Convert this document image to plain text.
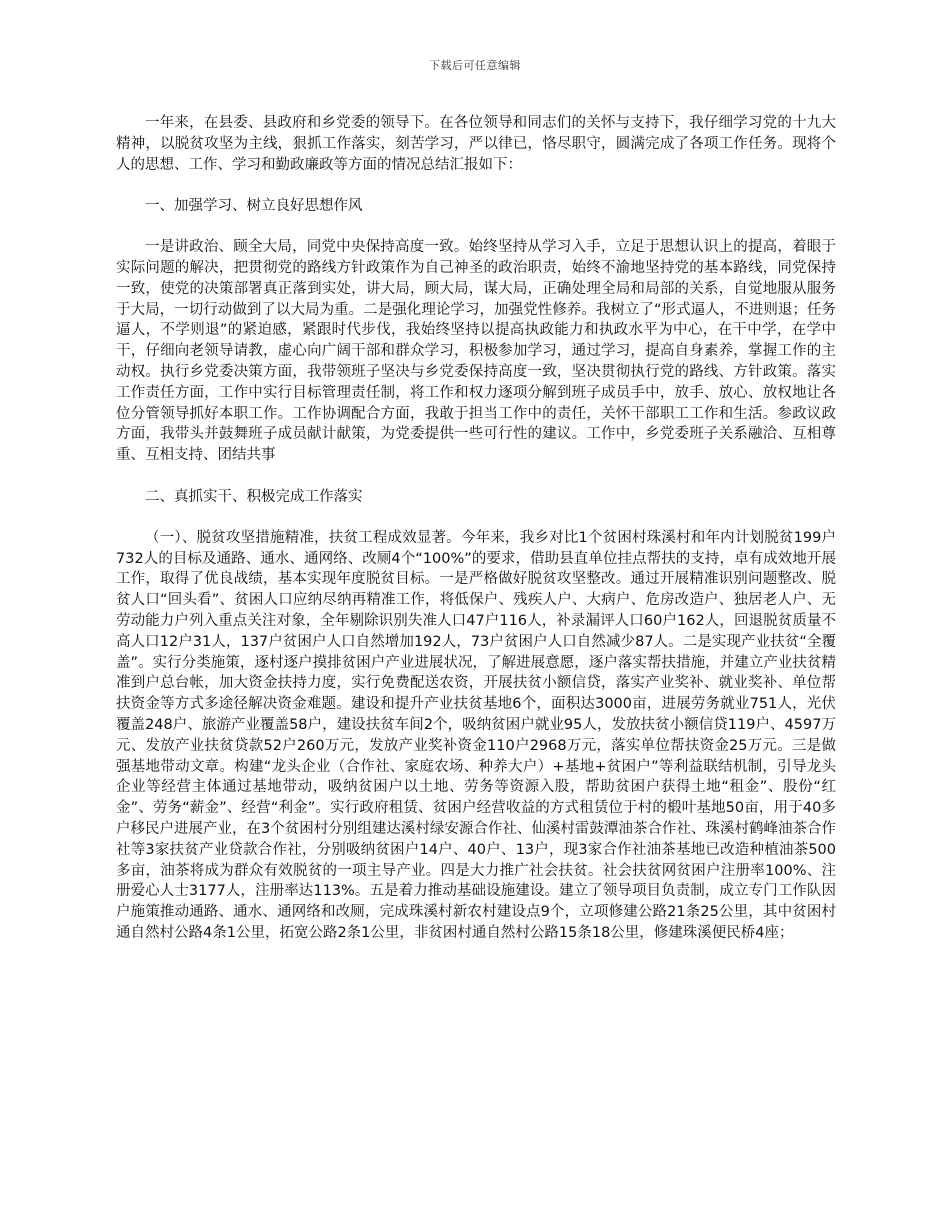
下载后可任意编辑

一年来，在县委、县政府和乡党委的领导下。在各位领导和同志们的关怀与支持下，我仔细学习党的十九大精神，以脱贫攻坚为主线，狠抓工作落实，刻苦学习，严以律已，恪尽职守，圆满完成了各项工作任务。现将个人的思想、工作、学习和勤政廉政等方面的情况总结汇报如下：

一、加强学习、树立良好思想作风

一是讲政治、顾全大局，同党中央保持高度一致。始终坚持从学习入手，立足于思想认识上的提高，着眼于实际问题的解决，把贯彻党的路线方针政策作为自己神圣的政治职责，始终不渝地坚持党的基本路线，同党保持一致，使党的决策部署真正落到实处，讲大局，顾大局，谋大局，正确处理全局和局部的关系，自觉地服从服务于大局，一切行动做到了以大局为重。二是强化理论学习，加强党性修养。我树立了“形式逼人，不进则退；任务逼人，不学则退”的紧迫感，紧跟时代步伐，我始终坚持以提高执政能力和执政水平为中心，在干中学，在学中干，仔细向老领导请教，虚心向广阔干部和群众学习，积极参加学习，通过学习，提高自身素养，掌握工作的主动权。执行乡党委决策方面，我带领班子坚决与乡党委保持高度一致，坚决贯彻执行党的路线、方针政策。落实工作责任方面，工作中实行目标管理责任制，将工作和权力逐项分解到班子成员手中，放手、放心、放权地让各位分管领导抓好本职工作。工作协调配合方面，我敢于担当工作中的责任，关怀干部职工工作和生活。参政议政方面，我带头并鼓舞班子成员献计献策，为党委提供一些可行性的建议。工作中，乡党委班子关系融洽、互相尊重、互相支持、团结共事

二、真抓实干、积极完成工作落实

（一）、脱贫攻坚措施精准，扶贫工程成效显著。今年来，我乡对比1个贫困村珠溪村和年内计划脱贫199户732人的目标及通路、通水、通网络、改厕4个“100%”的要求，借助县直单位挂点帮扶的支持，卓有成效地开展工作，取得了优良战绩，基本实现年度脱贫目标。一是严格做好脱贫攻坚整改。通过开展精准识别问题整改、脱贫人口“回头看”、贫困人口应纳尽纳再精准工作，将低保户、残疾人户、大病户、危房改造户、独居老人户、无劳动能力户列入重点关注对象，全年剔除识别失准人口47户116人，补录漏评人口60户162人，回退脱贫质量不高人口12户31人，137户贫困户人口自然增加192人，73户贫困户人口自然减少87人。二是实现产业扶贫“全覆盖”。实行分类施策，逐村逐户摸排贫困户产业进展状况，了解进展意愿，逐户落实帮扶措施，并建立产业扶贫精准到户总台帐，加大资金扶持力度，实行免费配送农资，开展扶贫小额信贷，落实产业奖补、就业奖补、单位帮扶资金等方式多途径解决资金难题。建设和提升产业扶贫基地6个，面积达3000亩，进展劳务就业751人，光伏覆盖248户、旅游产业覆盖58户，建设扶贫车间2个，吸纳贫困户就业95人，发放扶贫小额信贷119户、4597万元、发放产业扶贫贷款52户260万元，发放产业奖补资金110户2968万元，落实单位帮扶资金25万元。三是做强基地带动文章。构建“龙头企业（合作社、家庭农场、种养大户）+基地+贫困户”等利益联结机制，引导龙头企业等经营主体通过基地带动，吸纳贫困户以土地、劳务等资源入股，帮助贫困户获得土地“租金”、股份“红金”、劳务“薪金”、经营“利金”。实行政府租赁、贫困户经营收益的方式租赁位于村的椴叶基地50亩，用于40多户移民户进展产业，在3个贫困村分别组建达溪村绿安源合作社、仙溪村雷鼓潭油茶合作社、珠溪村鹤峰油茶合作社等3家扶贫产业贷款合作社，分别吸纳贫困户14户、40户、13户，现3家合作社油茶基地已改造种植油茶500多亩，油茶将成为群众有效脱贫的一项主导产业。四是大力推广社会扶贫。社会扶贫网贫困户注册率100%、注册爱心人士3177人，注册率达113%。五是着力推动基础设施建设。建立了领导项目负责制，成立专门工作队因户施策推动通路、通水、通网络和改厕，完成珠溪村新农村建设点9个，立项修建公路21条25公里，其中贫困村通自然村公路4条1公里，拓宽公路2条1公里，非贫困村通自然村公路15条18公里，修建珠溪便民桥4座；
